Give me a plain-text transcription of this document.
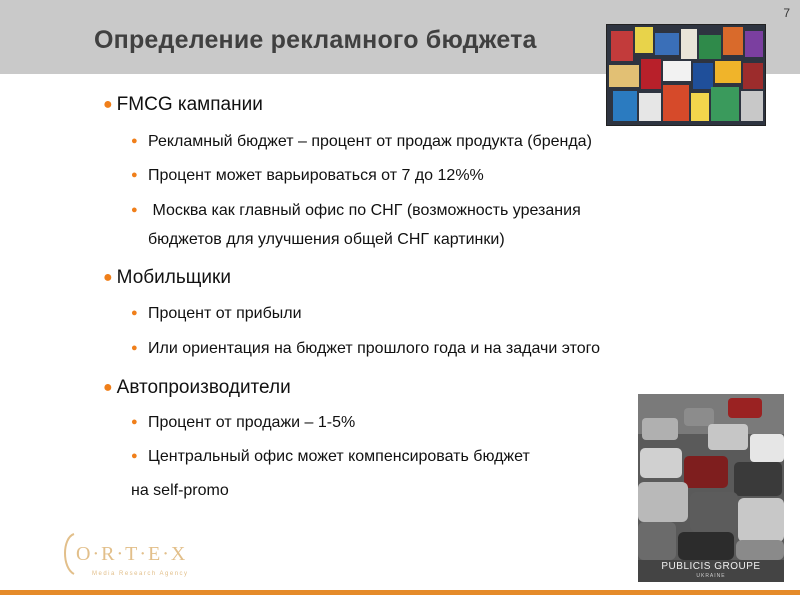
Определение рекламного бюджета
7
● FMCG кампании
● Рекламный бюджет – процент от продаж продукта (бренда)
● Процент может варьироваться от 7 до 12%%
● Москва как главный офис по СНГ (возможность урезания
бюджетов для улучшения общей СНГ картинки)
● Мобильщики
● Процент от прибыли
● Или ориентация на бюджет прошлого года и на задачи этого
● Автопроизводители
● Процент от продажи – 1-5%
● Центральный офис может компенсировать бюджет
на self-promo
PUBLICIS GROUPE
UKRAINE
O·R·T·E·X
Media Research Agency
